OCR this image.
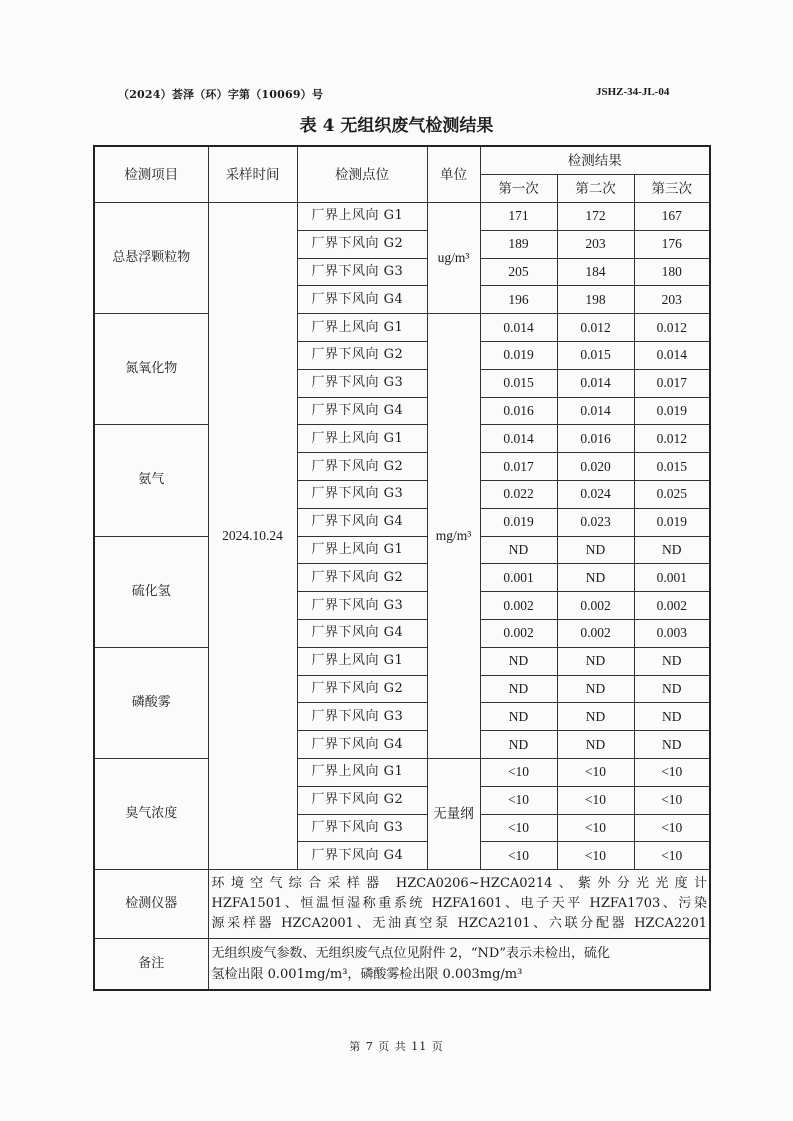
（2024）荟泽（环）字第（10069）号	JSHZ-34-JL-04
表 4 无组织废气检测结果
检测项目	采样时间	检测点位	单位	检测结果		
				第一次	第二次	第三次
总悬浮颗粒物	2024.10.24	厂界上风向 G1	ug/m³	171	172	167
		厂界下风向 G2		189	203	176
		厂界下风向 G3		205	184	180
		厂界下风向 G4		196	198	203
氮氧化物		厂界上风向 G1	mg/m³	0.014	0.012	0.012
		厂界下风向 G2		0.019	0.015	0.014
		厂界下风向 G3		0.015	0.014	0.017
		厂界下风向 G4		0.016	0.014	0.019
氨气		厂界上风向 G1		0.014	0.016	0.012
		厂界下风向 G2		0.017	0.020	0.015
		厂界下风向 G3		0.022	0.024	0.025
		厂界下风向 G4		0.019	0.023	0.019
硫化氢		厂界上风向 G1		ND	ND	ND
		厂界下风向 G2		0.001	ND	0.001
		厂界下风向 G3		0.002	0.002	0.002
		厂界下风向 G4		0.002	0.002	0.003
磷酸雾		厂界上风向 G1		ND	ND	ND
		厂界下风向 G2		ND	ND	ND
		厂界下风向 G3		ND	ND	ND
		厂界下风向 G4		ND	ND	ND
臭气浓度		厂界上风向 G1	无量纲	<10	<10	<10
		厂界下风向 G2		<10	<10	<10
		厂界下风向 G3		<10	<10	<10
		厂界下风向 G4		<10	<10	<10
检测仪器	环境空气综合采样器 HZCA0206~HZCA0214、紫外分光光度计
HZFA1501、恒温恒湿称重系统 HZFA1601、电子天平 HZFA1703、污染
源采样器 HZCA2001、无油真空泵 HZCA2101、六联分配器 HZCA2201					
备注	无组织废气参数、无组织废气点位见附件 2，“ND”表示未检出，硫化
氢检出限 0.001mg/m³，磷酸雾检出限 0.003mg/m³					
第 7 页 共 11 页
